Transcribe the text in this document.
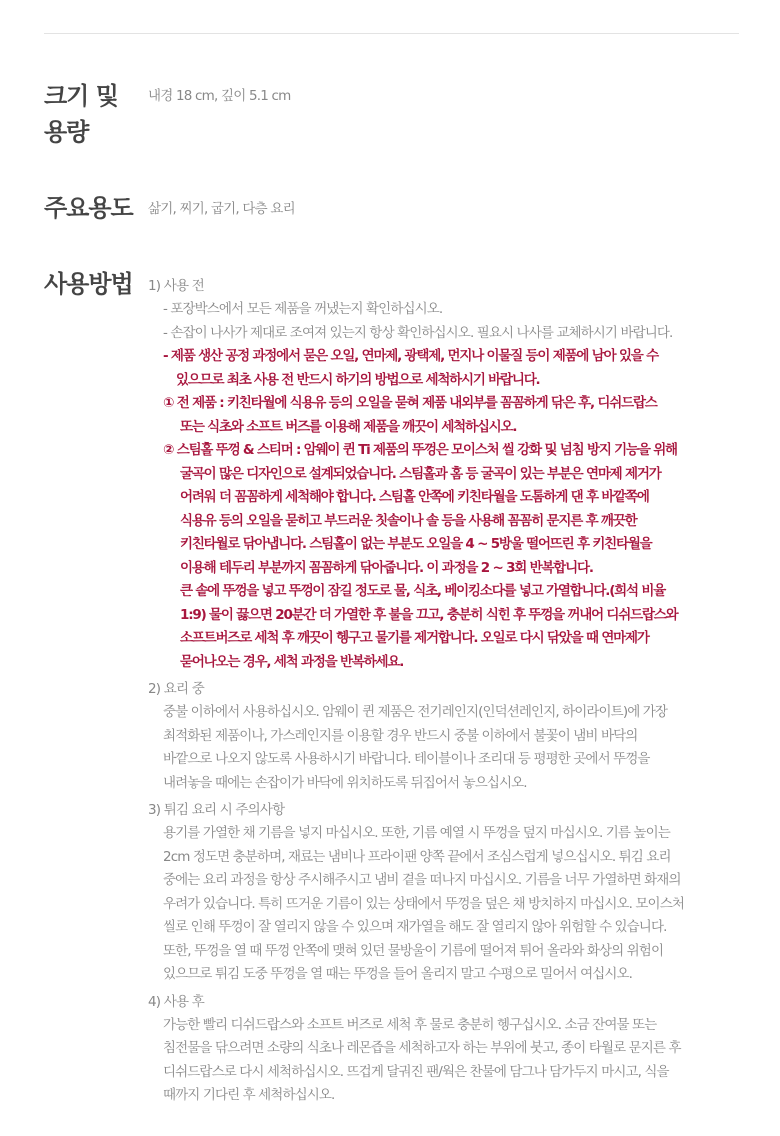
크기 및
용량
내경 18 cm, 깊이 5.1 cm
주요용도	삶기, 찌기, 굽기, 다층 요리
사용방법	1) 사용 전
- 포장박스에서 모든 제품을 꺼냈는지 확인하십시오.
- 손잡이 나사가 제대로 조여져 있는지 항상 확인하십시오. 필요시 나사를 교체하시기 바랍니다.
- 제품 생산 공정 과정에서 묻은 오일, 연마제, 광택제, 먼지나 이물질 등이 제품에 남아 있을 수
있으므로 최초 사용 전 반드시 하기의 방법으로 세척하시기 바랍니다.
① 전 제품 : 키친타월에 식용유 등의 오일을 묻혀 제품 내외부를 꼼꼼하게 닦은 후, 디쉬드랍스
또는 식초와 소프트 버즈를 이용해 제품을 깨끗이 세척하십시오.
② 스팀홀 뚜껑 & 스티머 : 암웨이 퀸 Ti 제품의 뚜껑은 모이스처 씰 강화 및 넘침 방지 기능을 위해
굴곡이 많은 디자인으로 설계되었습니다. 스팀홀과 홈 등 굴곡이 있는 부분은 연마제 제거가
어려워 더 꼼꼼하게 세척해야 합니다. 스팀홀 안쪽에 키친타월을 도톰하게 댄 후 바깥쪽에
식용유 등의 오일을 묻히고 부드러운 칫솔이나 솔 등을 사용해 꼼꼼히 문지른 후 깨끗한
키친타월로 닦아냅니다. 스팀홀이 없는 부분도 오일을 4 ~ 5방울 떨어뜨린 후 키친타월을
이용해 테두리 부분까지 꼼꼼하게 닦아줍니다. 이 과정을 2 ~ 3회 반복합니다.
큰 솥에 뚜껑을 넣고 뚜껑이 잠길 정도로 물, 식초, 베이킹소다를 넣고 가열합니다.(희석 비율
1:9) 물이 끓으면 20분간 더 가열한 후 불을 끄고, 충분히 식힌 후 뚜껑을 꺼내어 디쉬드랍스와
소프트버즈로 세척 후 깨끗이 헹구고 물기를 제거합니다. 오일로 다시 닦았을 때 연마제가
묻어나오는 경우, 세척 과정을 반복하세요.
2) 요리 중
중불 이하에서 사용하십시오. 암웨이 퀸 제품은 전기레인지(인덕션레인지, 하이라이트)에 가장
최적화된 제품이나, 가스레인지를 이용할 경우 반드시 중불 이하에서 불꽃이 냄비 바닥의
바깥으로 나오지 않도록 사용하시기 바랍니다. 테이블이나 조리대 등 평평한 곳에서 뚜껑을
내려놓을 때에는 손잡이가 바닥에 위치하도록 뒤집어서 놓으십시오.
3) 튀김 요리 시 주의사항
용기를 가열한 채 기름을 넣지 마십시오. 또한, 기름 예열 시 뚜껑을 덮지 마십시오. 기름 높이는
2cm 정도면 충분하며, 재료는 냄비나 프라이팬 양쪽 끝에서 조심스럽게 넣으십시오. 튀김 요리
중에는 요리 과정을 항상 주시해주시고 냄비 곁을 떠나지 마십시오. 기름을 너무 가열하면 화재의
우려가 있습니다. 특히 뜨거운 기름이 있는 상태에서 뚜껑을 덮은 채 방치하지 마십시오. 모이스처
씰로 인해 뚜껑이 잘 열리지 않을 수 있으며 재가열을 해도 잘 열리지 않아 위험할 수 있습니다.
또한, 뚜껑을 열 때 뚜껑 안쪽에 맺혀 있던 물방울이 기름에 떨어져 튀어 올라와 화상의 위험이
있으므로 튀김 도중 뚜껑을 열 때는 뚜껑을 들어 올리지 말고 수평으로 밀어서 여십시오.
4) 사용 후
가능한 빨리 디쉬드랍스와 소프트 버즈로 세척 후 물로 충분히 헹구십시오. 소금 잔여물 또는
침전물을 닦으려면 소량의 식초나 레몬즙을 세척하고자 하는 부위에 붓고, 종이 타월로 문지른 후
디쉬드랍스로 다시 세척하십시오. 뜨겁게 달궈진 팬/웍은 찬물에 담그나 담가두지 마시고, 식을
때까지 기다린 후 세척하십시오.
